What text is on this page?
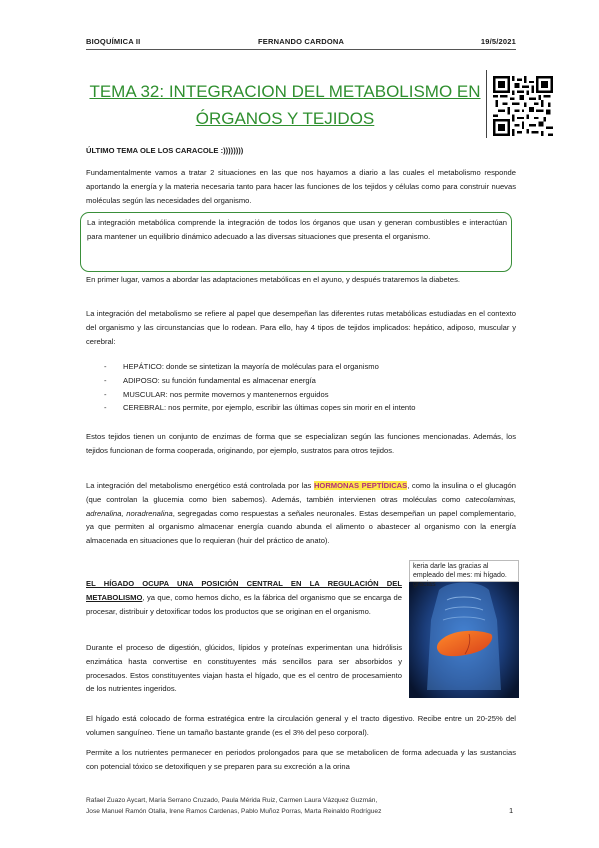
BIOQUÍMICA II	FERNANDO CARDONA	19/5/2021
TEMA 32: INTEGRACION DEL METABOLISMO EN
ÓRGANOS Y TEJIDOS
ÚLTIMO TEMA OLE LOS CARACOLE :))))))))
Fundamentalmente vamos a tratar 2 situaciones en las que nos hayamos a diario a las cuales el metabolismo responde aportando la energía y la materia necesaria tanto para hacer las funciones de los tejidos y células como para construir nuevas moléculas según las necesidades del organismo.
La integración metabólica comprende la integración de todos los órganos que usan y generan combustibles e interactúan para mantener un equilibrio dinámico adecuado a las diversas situaciones que presenta el organismo.
En primer lugar, vamos a abordar las adaptaciones metabólicas en el ayuno, y después trataremos la diabetes.
La integración del metabolismo se refiere al papel que desempeñan las diferentes rutas metabólicas estudiadas en el contexto del organismo y las circunstancias que lo rodean. Para ello, hay 4 tipos de tejidos implicados: hepático, adiposo, muscular y cerebral:
- HEPÁTICO: donde se sintetizan la mayoría de moléculas para el organismo
- ADIPOSO: su función fundamental es almacenar energía
- MUSCULAR: nos permite movernos y mantenernos erguidos
- CEREBRAL: nos permite, por ejemplo, escribir las últimas copes sin morir en el intento
Estos tejidos tienen un conjunto de enzimas de forma que se especializan según las funciones mencionadas. Además, los tejidos funcionan de forma cooperada, originando, por ejemplo, sustratos para otros tejidos.
La integración del metabolismo energético está controlada por las HORMONAS PEPTÍDICAS, como la insulina o el glucagón (que controlan la glucemia como bien sabemos). Además, también intervienen otras moléculas como catecolaminas, adrenalina, noradrenalina, segregadas como respuestas a señales neuronales. Estas desempeñan un papel complementario, ya que permiten al organismo almacenar energía cuando abunda el alimento o abastecer al organismo con la energía almacenada en situaciones que lo requieran (huir del práctico de anato).
EL HÍGADO OCUPA UNA POSICIÓN CENTRAL EN LA REGULACIÓN DEL METABOLISMO, ya que, como hemos dicho, es la fábrica del organismo que se encarga de procesar, distribuir y detoxificar todos los productos que se originan en el organismo.
Durante el proceso de digestión, glúcidos, lípidos y proteínas experimentan una hidrólisis enzimática hasta convertise en constituyentes más sencillos para ser absorbidos y procesados. Estos constituyentes viajan hasta el hígado, que es el centro de procesamiento de los nutrientes ingeridos.
keria darle las gracias al empleado del mes: mi hígado. gracias
El hígado está colocado de forma estratégica entre la circulación general y el tracto digestivo. Recibe entre un 20-25% del volumen sanguíneo. Tiene un tamaño bastante grande (es el 3% del peso corporal).
Permite a los nutrientes permanecer en periodos prolongados para que se metabolicen de forma adecuada y las sustancias con potencial tóxico se detoxifiquen y se preparen para su excreción a la orina
Rafael Zuazo Aycart, María Serrano Cruzado, Paula Mérida Ruiz, Carmen Laura Vázquez Guzmán,
Jose Manuel Ramón Otalla, Irene Ramos Cardenas, Pablo Muñoz Porras, Marta Reinaldo Rodríguez	1
